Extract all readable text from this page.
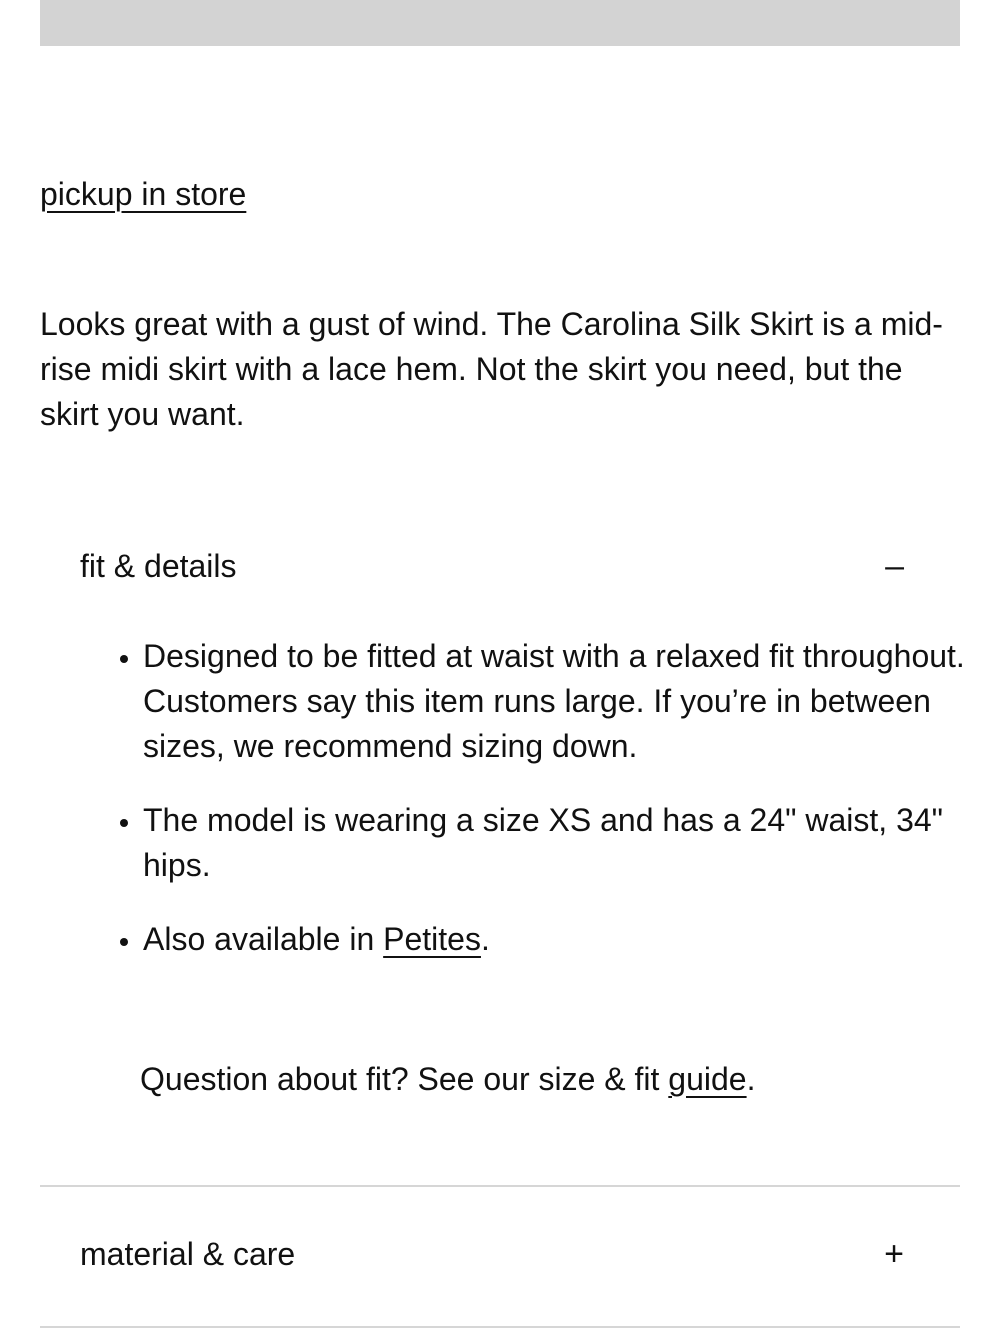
pickup in store

Looks great with a gust of wind. The Carolina Silk Skirt is a mid-rise midi skirt with a lace hem. Not the skirt you need, but the skirt you want.

fit & details	–
• Designed to be fitted at waist with a relaxed fit throughout. Customers say this item runs large. If you’re in between sizes, we recommend sizing down.
• The model is wearing a size XS and has a 24" waist, 34" hips.
• Also available in Petites.

Question about fit? See our size & fit guide.

material & care	+
